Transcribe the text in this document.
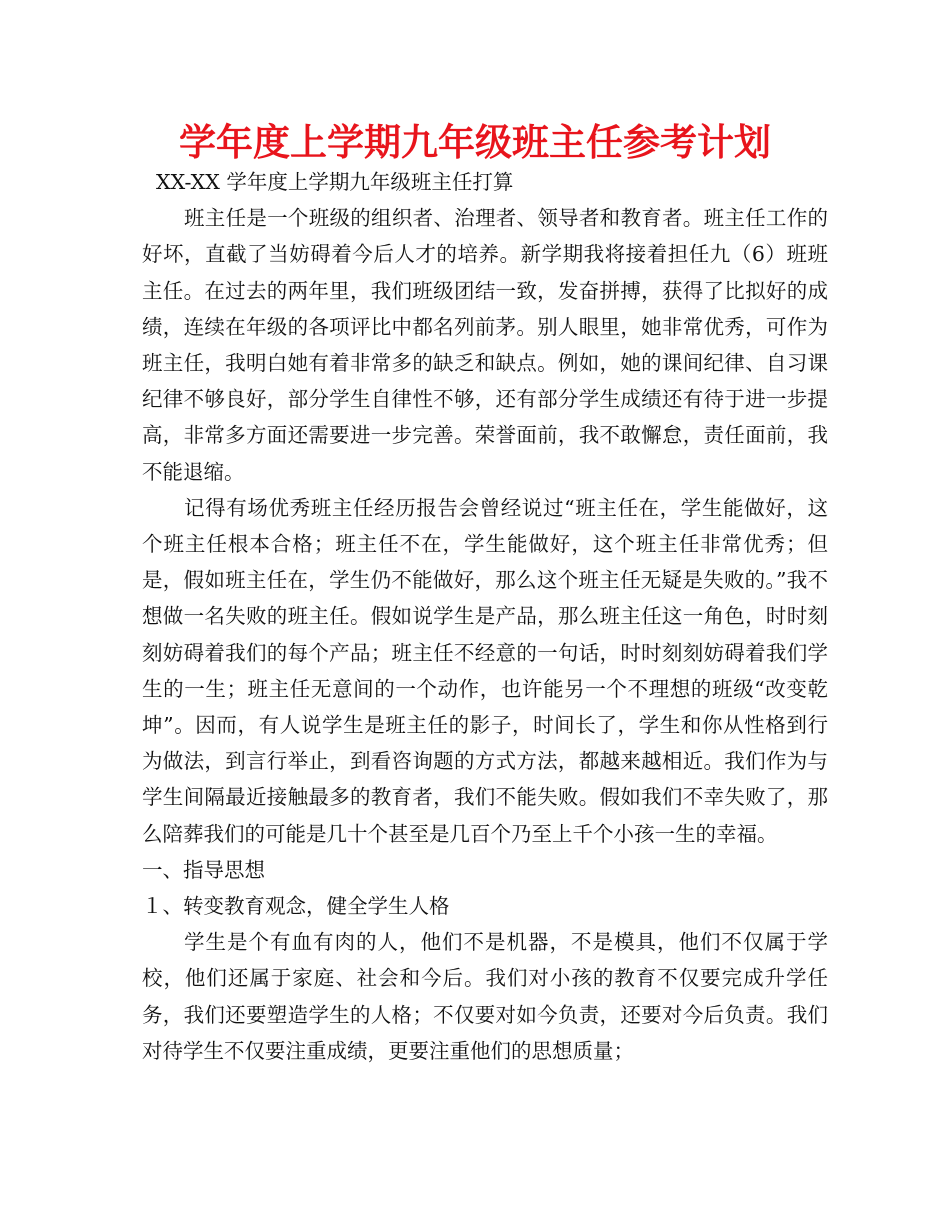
学年度上学期九年级班主任参考计划

XX-XX 学年度上学期九年级班主任打算

班主任是一个班级的组织者、治理者、领导者和教育者。班主任工作的好坏，直截了当妨碍着今后人才的培养。新学期我将接着担任九（6）班班主任。在过去的两年里，我们班级团结一致，发奋拼搏，获得了比拟好的成绩，连续在年级的各项评比中都名列前茅。别人眼里，她非常优秀，可作为班主任，我明白她有着非常多的缺乏和缺点。例如，她的课间纪律、自习课纪律不够良好，部分学生自律性不够，还有部分学生成绩还有待于进一步提高，非常多方面还需要进一步完善。荣誉面前，我不敢懈怠，责任面前，我不能退缩。

记得有场优秀班主任经历报告会曾经说过“班主任在，学生能做好，这个班主任根本合格；班主任不在，学生能做好，这个班主任非常优秀；但是，假如班主任在，学生仍不能做好，那么这个班主任无疑是失败的。”我不想做一名失败的班主任。假如说学生是产品，那么班主任这一角色，时时刻刻妨碍着我们的每个产品；班主任不经意的一句话，时时刻刻妨碍着我们学生的一生；班主任无意间的一个动作，也许能另一个不理想的班级“改变乾坤”。因而，有人说学生是班主任的影子，时间长了，学生和你从性格到行为做法，到言行举止，到看咨询题的方式方法，都越来越相近。我们作为与学生间隔最近接触最多的教育者，我们不能失败。假如我们不幸失败了，那么陪葬我们的可能是几十个甚至是几百个乃至上千个小孩一生的幸福。

一、指导思想

１、转变教育观念，健全学生人格

学生是个有血有肉的人，他们不是机器，不是模具，他们不仅属于学校，他们还属于家庭、社会和今后。我们对小孩的教育不仅要完成升学任务，我们还要塑造学生的人格；不仅要对如今负责，还要对今后负责。我们对待学生不仅要注重成绩，更要注重他们的思想质量；
